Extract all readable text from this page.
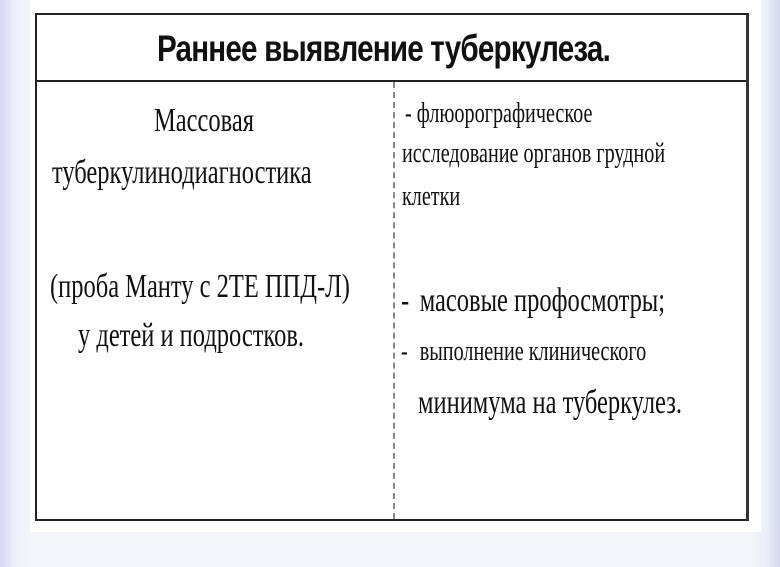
Раннее выявление туберкулеза.

Массовая

туберкулинодиагностика

(проба Манту с 2ТЕ ППД-Л)

у детей и подростков.

- флюорографическое

исследование органов грудной

клетки

- масовые профосмотры;

- выполнение клинического

минимума на туберкулез.
